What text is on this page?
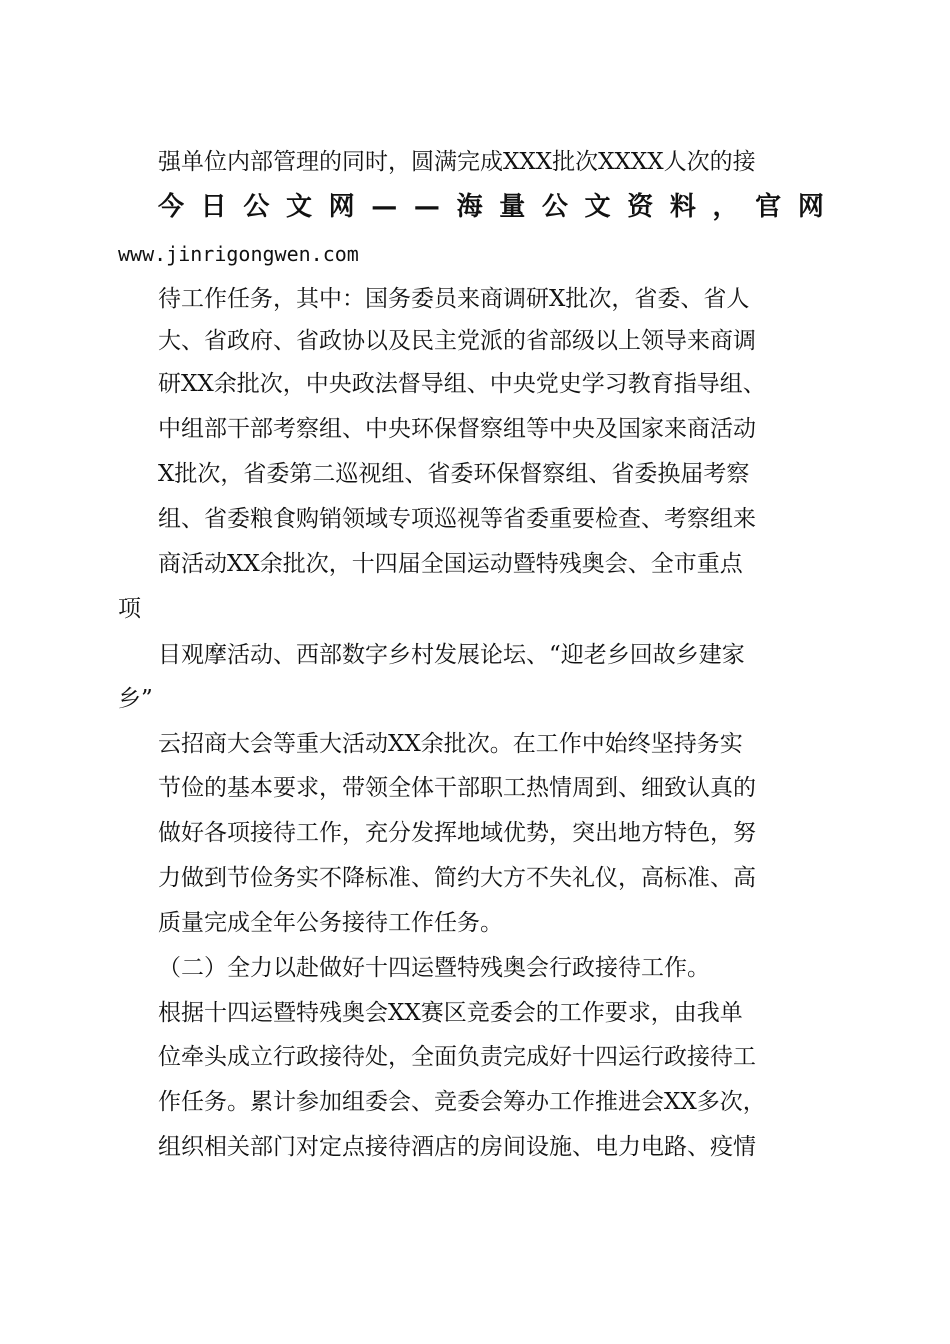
强单位内部管理的同时，圆满完成XXX批次XXXX人次的接
今 日 公 文 网 — — 海 量 公 文 资 料 ， 官 网
www.jinrigongwen.com
待工作任务，其中：国务委员来商调研X批次，省委、省人
大、省政府、省政协以及民主党派的省部级以上领导来商调
研XX余批次，中央政法督导组、中央党史学习教育指导组、
中组部干部考察组、中央环保督察组等中央及国家来商活动
X批次，省委第二巡视组、省委环保督察组、省委换届考察
组、省委粮食购销领域专项巡视等省委重要检查、考察组来
商活动XX余批次，十四届全国运动暨特残奥会、全市重点
项
目观摩活动、西部数字乡村发展论坛、“迎老乡回故乡建家
乡”
云招商大会等重大活动XX余批次。在工作中始终坚持务实
节俭的基本要求，带领全体干部职工热情周到、细致认真的
做好各项接待工作，充分发挥地域优势，突出地方特色，努
力做到节俭务实不降标准、简约大方不失礼仪，高标准、高
质量完成全年公务接待工作任务。
（二）全力以赴做好十四运暨特残奥会行政接待工作。
根据十四运暨特残奥会XX赛区竞委会的工作要求，由我单
位牵头成立行政接待处，全面负责完成好十四运行政接待工
作任务。累计参加组委会、竞委会筹办工作推进会XX多次，
组织相关部门对定点接待酒店的房间设施、电力电路、疫情
